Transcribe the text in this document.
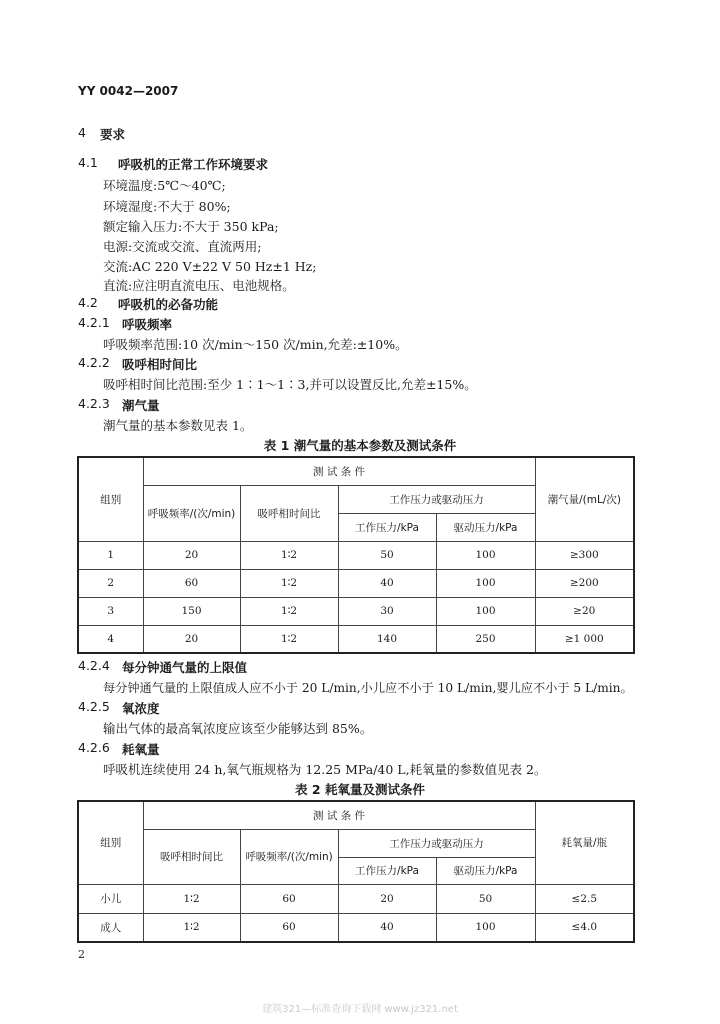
YY 0042—2007
4 要求
4.1 呼吸机的正常工作环境要求
环境温度:5℃～40℃;
环境湿度:不大于 80%;
额定输入压力:不大于 350 kPa;
电源:交流或交流、直流两用;
交流:AC 220 V±22 V 50 Hz±1 Hz;
直流:应注明直流电压、电池规格。
4.2 呼吸机的必备功能
4.2.1 呼吸频率
呼吸频率范围:10 次/min～150 次/min,允差:±10%。
4.2.2 吸呼相时间比
吸呼相时间比范围:至少 1∶1～1∶3,并可以设置反比,允差±15%。
4.2.3 潮气量
潮气量的基本参数见表 1。
表 1 潮气量的基本参数及测试条件
组别	测 试 条 件				潮气量/(mL/次)
	呼吸频率/(次/min)	吸呼相时间比	工作压力或驱动压力		
			工作压力/kPa	驱动压力/kPa	
1	20	1∶2	50	100	≥300
2	60	1∶2	40	100	≥200
3	150	1∶2	30	100	≥20
4	20	1∶2	140	250	≥1 000
4.2.4 每分钟通气量的上限值
每分钟通气量的上限值成人应不小于 20 L/min,小儿应不小于 10 L/min,婴儿应不小于 5 L/min。
4.2.5 氧浓度
输出气体的最高氧浓度应该至少能够达到 85%。
4.2.6 耗氧量
呼吸机连续使用 24 h,氧气瓶规格为 12.25 MPa/40 L,耗氧量的参数值见表 2。
表 2 耗氧量及测试条件
组别	测 试 条 件				耗氧量/瓶
	吸呼相时间比	呼吸频率/(次/min)	工作压力或驱动压力		
			工作压力/kPa	驱动压力/kPa	
小儿	1∶2	60	20	50	≤2.5
成人	1∶2	60	40	100	≤4.0
2
建筑321—标准查询下载网 www.jz321.net
